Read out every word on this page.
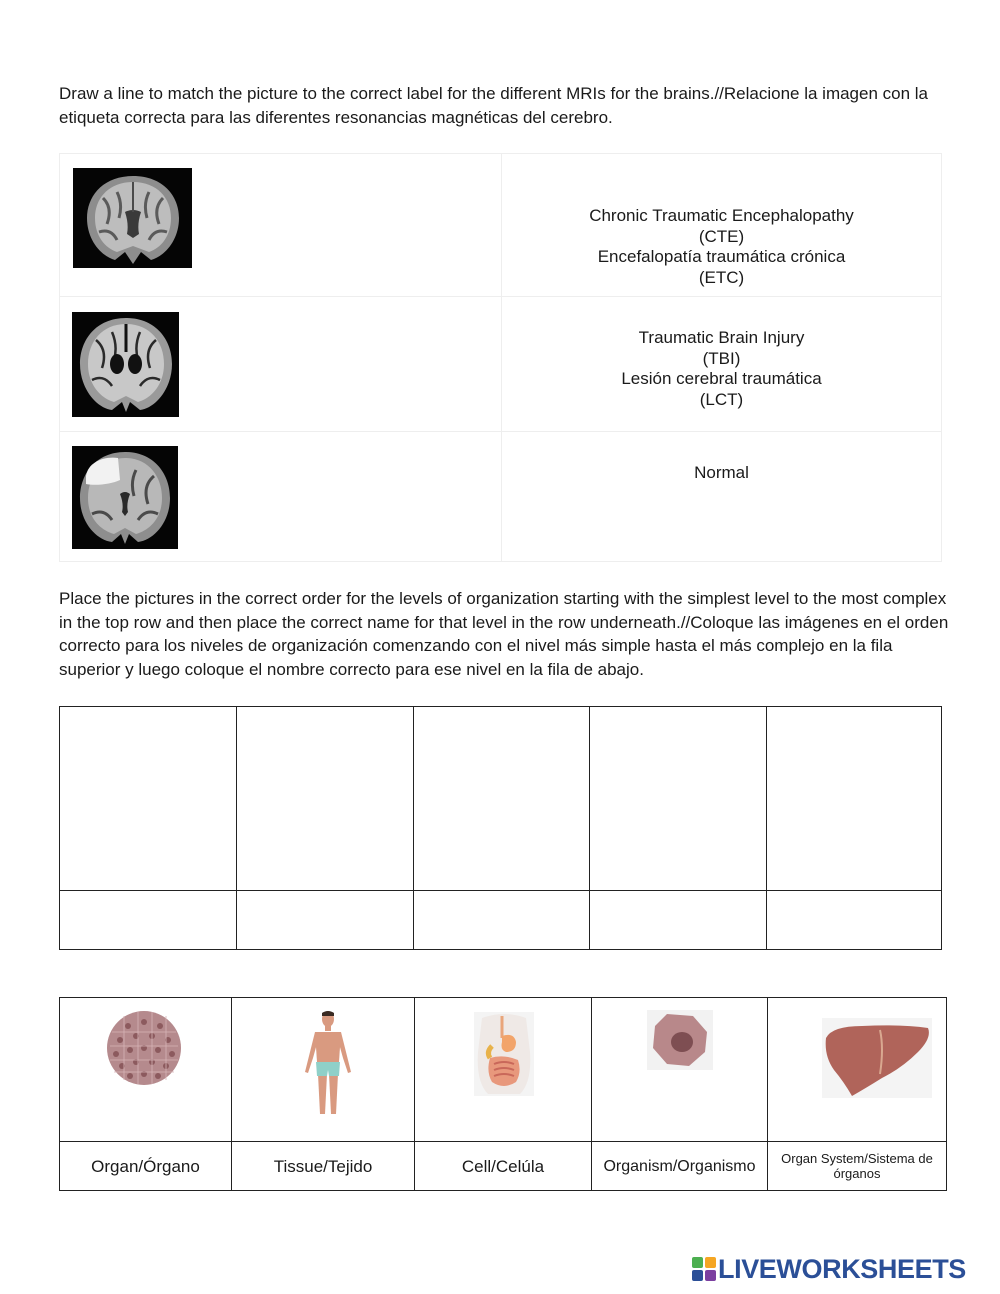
Draw a line to match the picture to the correct label for the different MRIs for the brains.//Relacione la imagen con la etiqueta correcta para las diferentes resonancias magnéticas del cerebro.

Chronic Traumatic Encephalopathy
(CTE)
Encefalopatía traumática crónica
(ETC)
Traumatic Brain Injury
(TBI)
Lesión cerebral traumática
(LCT)
Normal

Place the pictures in the correct order for the levels of organization starting with the simplest level to the most complex in the top row and then place the correct name for that level in the row underneath.//Coloque las imágenes en el orden correcto para los niveles de organización comenzando con el nivel más simple hasta el más complejo en la fila superior y luego coloque el nombre correcto para ese nivel en la fila de abajo.

Organ/Órgano	Tissue/Tejido	Cell/Celúla	Organism/Organismo	Organ System/Sistema de órganos
LIVEWORKSHEETS
